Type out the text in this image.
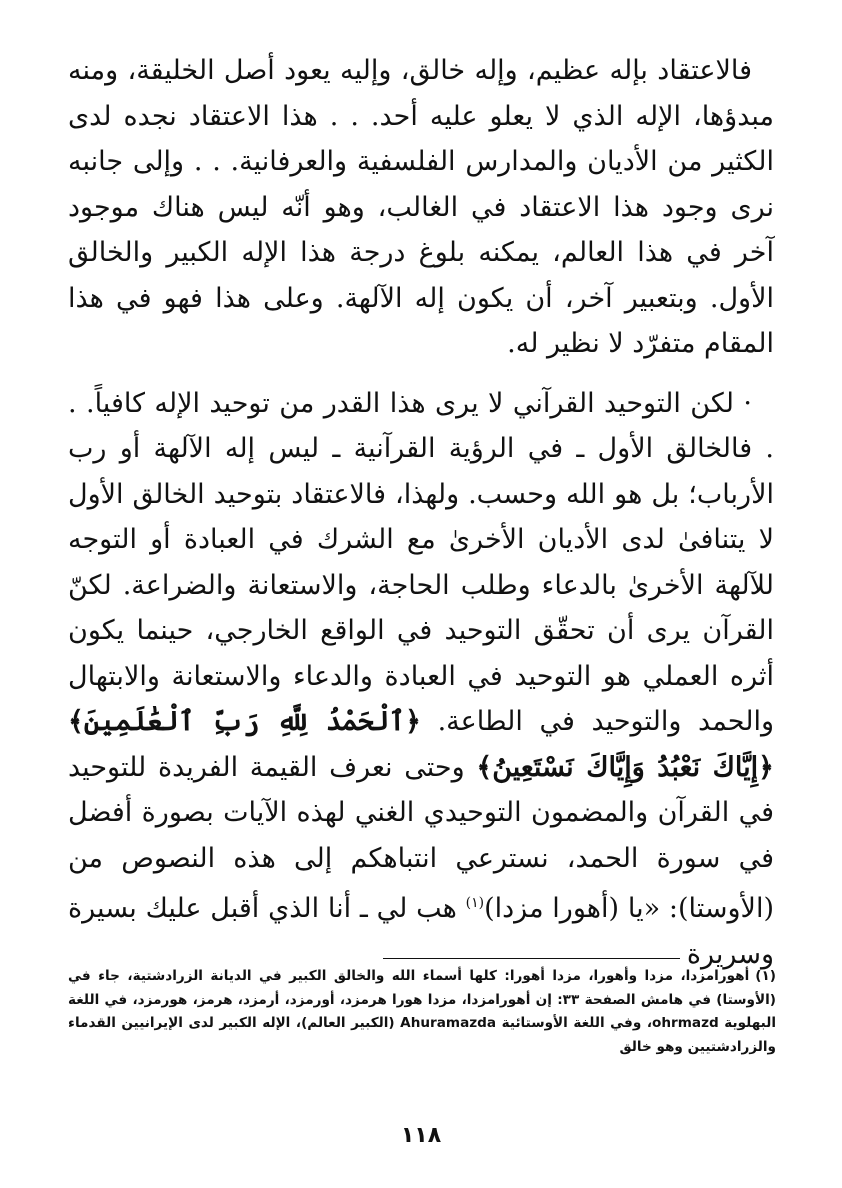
فالاعتقاد بإله عظيم، وإله خالق، وإليه يعود أصل الخليقة، ومنه مبدؤها، الإله الذي لا يعلو عليه أحد. . . هذا الاعتقاد نجده لدى الكثير من الأديان والمدارس الفلسفية والعرفانية. . . وإلى جانبه نرى وجود هذا الاعتقاد في الغالب، وهو أنّه ليس هناك موجود آخر في هذا العالم، يمكنه بلوغ درجة هذا الإله الكبير والخالق الأول. وبتعبير آخر، أن يكون إله الآلهة. وعلى هذا فهو في هذا المقام متفرّد لا نظير له.

· لكن التوحيد القرآني لا يرى هذا القدر من توحيد الإله كافياً. . . فالخالق الأول ـ في الرؤية القرآنية ـ ليس إله الآلهة أو رب الأرباب؛ بل هو الله وحسب. ولهذا، فالاعتقاد بتوحيد الخالق الأول لا يتنافىٰ لدى الأديان الأخرىٰ مع الشرك في العبادة أو التوجه للآلهة الأخرىٰ بالدعاء وطلب الحاجة، والاستعانة والضراعة. لكنّ القرآن يرى أن تحقّق التوحيد في الواقع الخارجي، حينما يكون أثره العملي هو التوحيد في العبادة والدعاء والاستعانة والابتهال والحمد والتوحيد في الطاعة. ﴿ٱلْحَمْدُ لِلَّهِ رَبِّ ٱلْعَٰلَمِينَ﴾ ﴿إِيَّاكَ نَعْبُدُ وَإِيَّاكَ نَسْتَعِينُ﴾ وحتى نعرف القيمة الفريدة للتوحيد في القرآن والمضمون التوحيدي الغني لهذه الآيات بصورة أفضل في سورة الحمد، نسترعي انتباهكم إلى هذه النصوص من (الأوستا): «يا (أهورا مزدا)$^{(١)}$ هب لي ـ أنا الذي أقبل عليك بسيرة وسريرة

(١)أهورامزدا، مزدا وأهورا، مزدا أهورا: كلها أسماء الله والخالق الكبير في الديانة الزرادشتية، جاء في (الأوستا) في هامش الصفحة ٣٣: إن أهورامزدا، مزدا هورا هرمزد، أورمزد، أرمزد، هرمز، هورمزد، في اللغة البهلوية ohrmazd، وفي اللغة الأوستائية Ahuramazda (الكبير العالم)، الإله الكبير لدى الإيرانيين القدماء والزرادشتيين وهو خالق

١١٨
